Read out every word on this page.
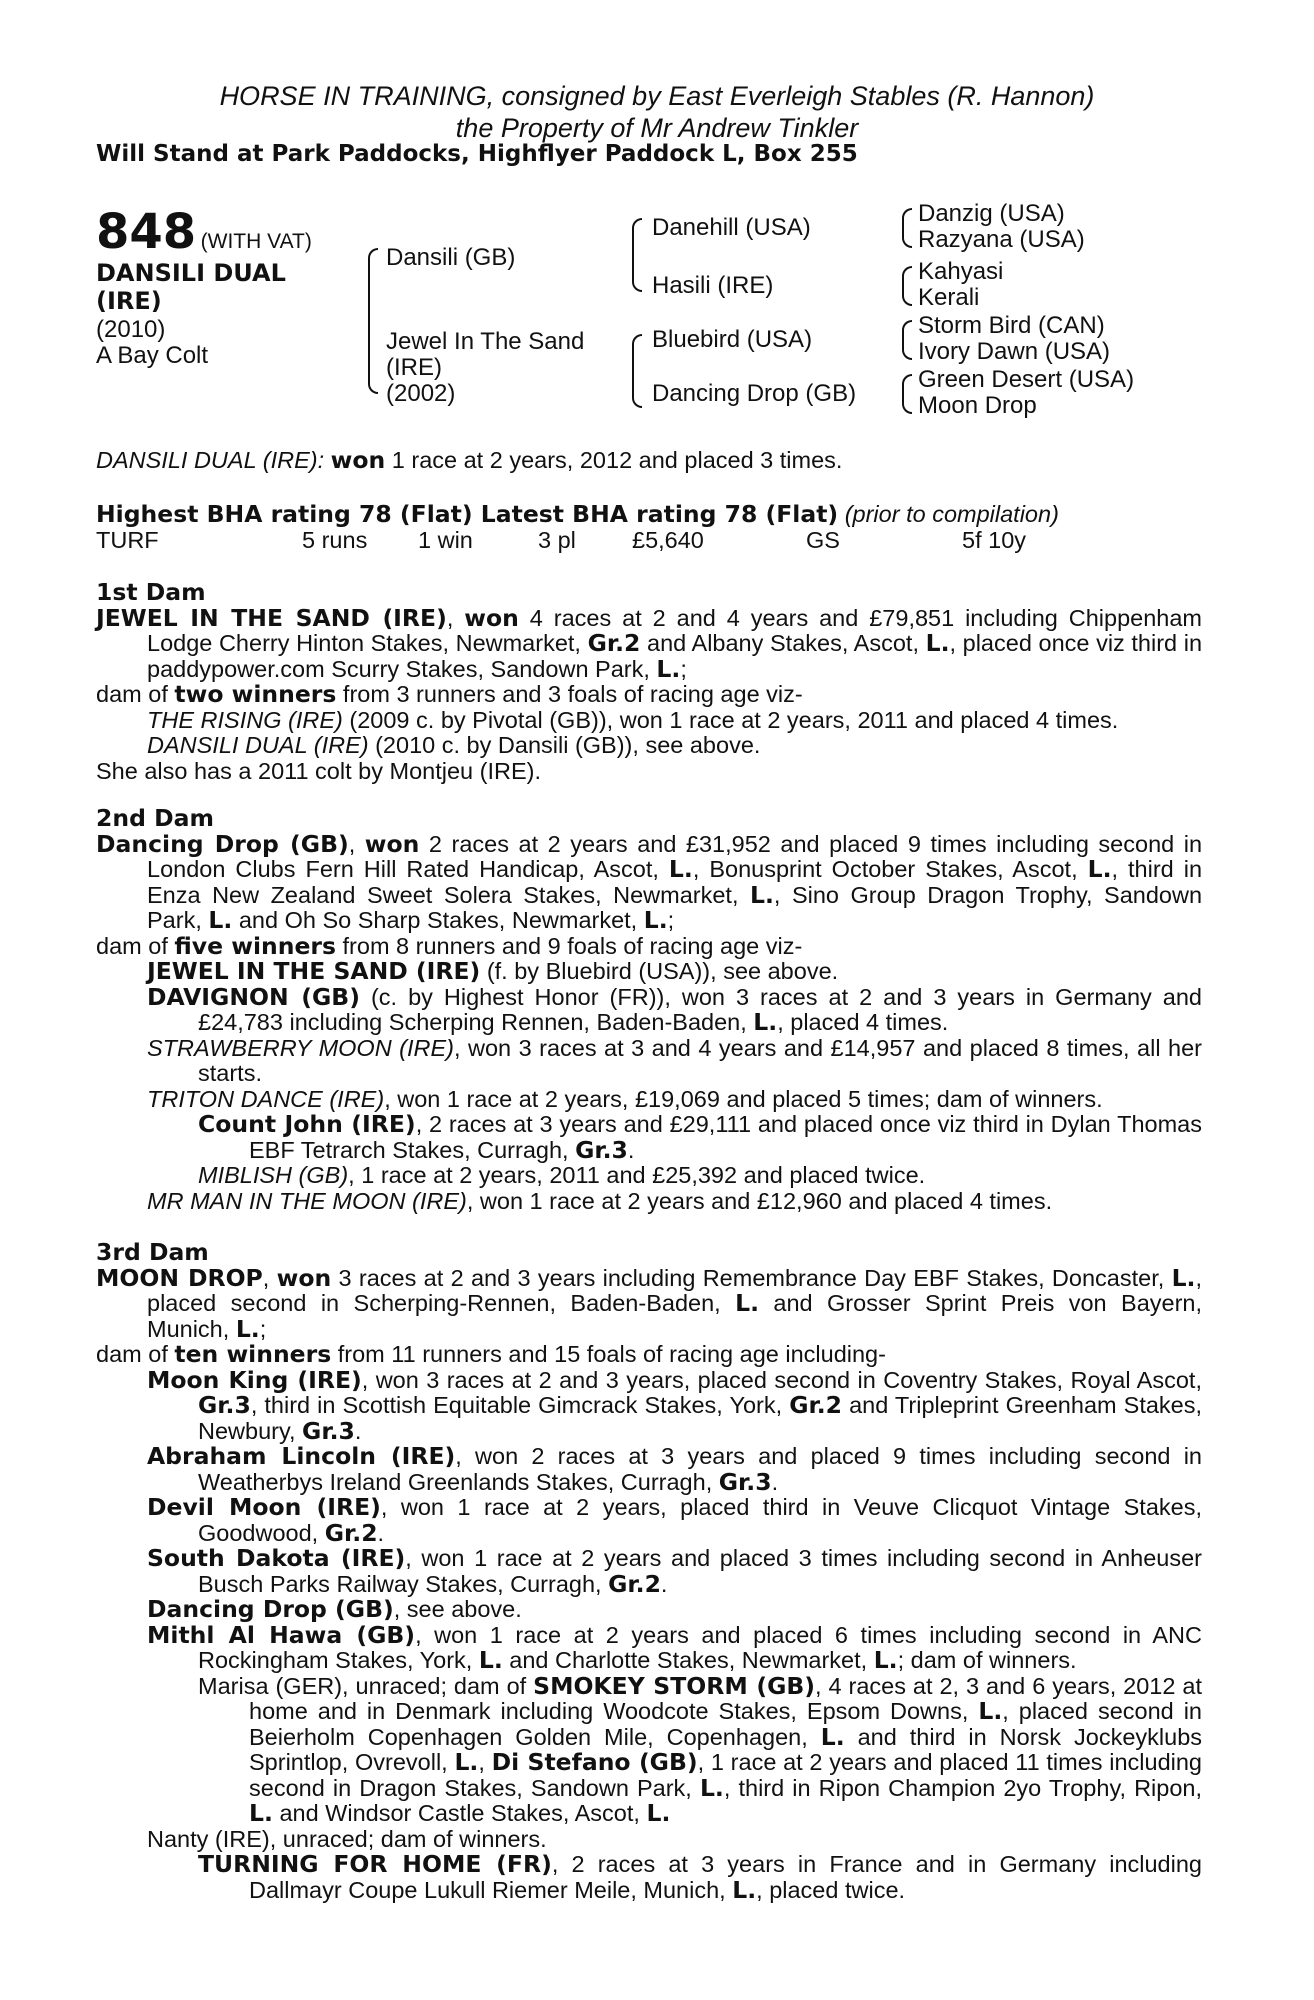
HORSE IN TRAINING, consigned by East Everleigh Stables (R. Hannon)
the Property of Mr Andrew Tinkler
Will Stand at Park Paddocks, Highflyer Paddock L, Box 255
848 (WITH VAT)
DANSILI DUAL
(IRE)
(2010)
A Bay Colt
Dansili (GB)
Jewel In The Sand
(IRE)
(2002)
Danehill (USA)
Hasili (IRE)
Bluebird (USA)
Dancing Drop (GB)
Danzig (USA)
Razyana (USA)
Kahyasi
Kerali
Storm Bird (CAN)
Ivory Dawn (USA)
Green Desert (USA)
Moon Drop

DANSILI DUAL (IRE): won 1 race at 2 years, 2012 and placed 3 times.

Highest BHA rating 78 (Flat) Latest BHA rating 78 (Flat) (prior to compilation)

TURF	5 runs 1 win	3 pl £5,640	GS	5f 10y

1st Dam

JEWEL IN THE SAND (IRE), won 4 races at 2 and 4 years and £79,851 including Chippenham Lodge Cherry Hinton Stakes, Newmarket, Gr.2 and Albany Stakes, Ascot, L., placed once viz third in paddypower.com Scurry Stakes, Sandown Park, L.;

dam of two winners from 3 runners and 3 foals of racing age viz-

THE RISING (IRE) (2009 c. by Pivotal (GB)), won 1 race at 2 years, 2011 and placed 4 times.

DANSILI DUAL (IRE) (2010 c. by Dansili (GB)), see above.

She also has a 2011 colt by Montjeu (IRE).

2nd Dam

Dancing Drop (GB), won 2 races at 2 years and £31,952 and placed 9 times including second in London Clubs Fern Hill Rated Handicap, Ascot, L., Bonusprint October Stakes, Ascot, L., third in Enza New Zealand Sweet Solera Stakes, Newmarket, L., Sino Group Dragon Trophy, Sandown Park, L. and Oh So Sharp Stakes, Newmarket, L.;

dam of five winners from 8 runners and 9 foals of racing age viz-

JEWEL IN THE SAND (IRE) (f. by Bluebird (USA)), see above.

DAVIGNON (GB) (c. by Highest Honor (FR)), won 3 races at 2 and 3 years in Germany and £24,783 including Scherping Rennen, Baden-Baden, L., placed 4 times.

STRAWBERRY MOON (IRE), won 3 races at 3 and 4 years and £14,957 and placed 8 times, all her starts.

TRITON DANCE (IRE), won 1 race at 2 years, £19,069 and placed 5 times; dam of winners.

Count John (IRE), 2 races at 3 years and £29,111 and placed once viz third in Dylan Thomas EBF Tetrarch Stakes, Curragh, Gr.3.

MIBLISH (GB), 1 race at 2 years, 2011 and £25,392 and placed twice.

MR MAN IN THE MOON (IRE), won 1 race at 2 years and £12,960 and placed 4 times.

3rd Dam

MOON DROP, won 3 races at 2 and 3 years including Remembrance Day EBF Stakes, Doncaster, L., placed second in Scherping-Rennen, Baden-Baden, L. and Grosser Sprint Preis von Bayern, Munich, L.;

dam of ten winners from 11 runners and 15 foals of racing age including-

Moon King (IRE), won 3 races at 2 and 3 years, placed second in Coventry Stakes, Royal Ascot, Gr.3, third in Scottish Equitable Gimcrack Stakes, York, Gr.2 and Tripleprint Greenham Stakes, Newbury, Gr.3.

Abraham Lincoln (IRE), won 2 races at 3 years and placed 9 times including second in Weatherbys Ireland Greenlands Stakes, Curragh, Gr.3.

Devil Moon (IRE), won 1 race at 2 years, placed third in Veuve Clicquot Vintage Stakes, Goodwood, Gr.2.

South Dakota (IRE), won 1 race at 2 years and placed 3 times including second in Anheuser Busch Parks Railway Stakes, Curragh, Gr.2.

Dancing Drop (GB), see above.

Mithl Al Hawa (GB), won 1 race at 2 years and placed 6 times including second in ANC Rockingham Stakes, York, L. and Charlotte Stakes, Newmarket, L.; dam of winners.

Marisa (GER), unraced; dam of SMOKEY STORM (GB), 4 races at 2, 3 and 6 years, 2012 at home and in Denmark including Woodcote Stakes, Epsom Downs, L., placed second in Beierholm Copenhagen Golden Mile, Copenhagen, L. and third in Norsk Jockeyklubs Sprintlop, Ovrevoll, L., Di Stefano (GB), 1 race at 2 years and placed 11 times including second in Dragon Stakes, Sandown Park, L., third in Ripon Champion 2yo Trophy, Ripon, L. and Windsor Castle Stakes, Ascot, L.

Nanty (IRE), unraced; dam of winners.

TURNING FOR HOME (FR), 2 races at 3 years in France and in Germany including Dallmayr Coupe Lukull Riemer Meile, Munich, L., placed twice.
